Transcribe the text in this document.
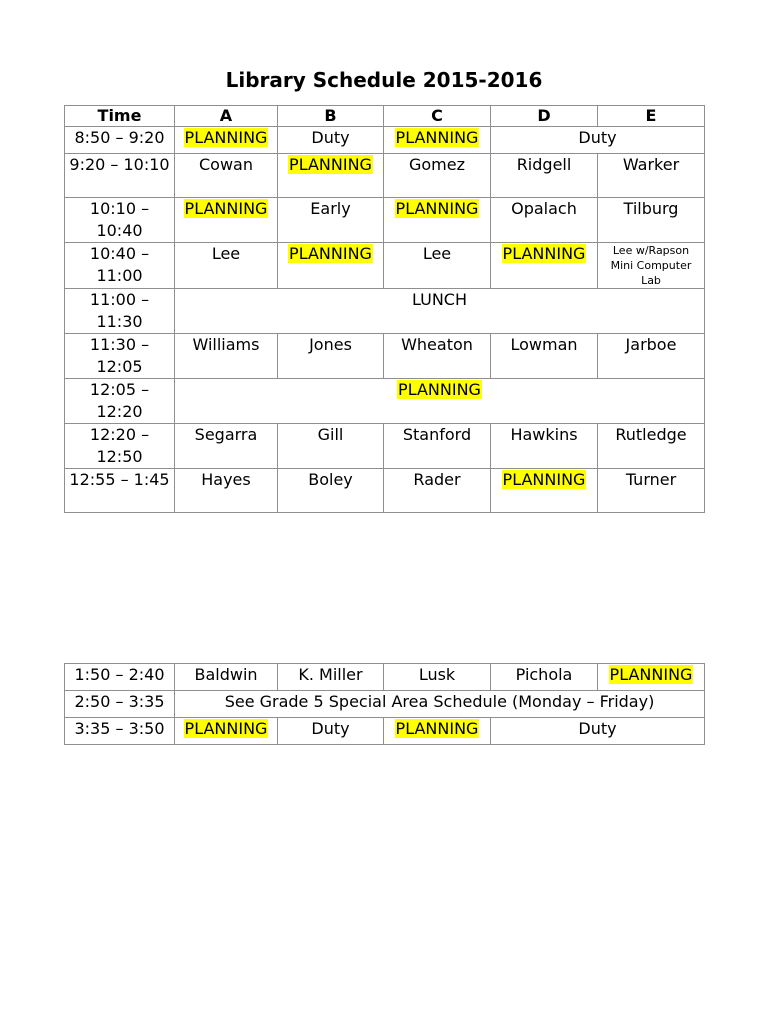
Library Schedule 2015-2016
Time	A	B	C	D	E
8:50 – 9:20	PLANNING	Duty	PLANNING	Duty	
9:20 – 10:10	Cowan	PLANNING	Gomez	Ridgell	Warker
10:10 – 10:40	PLANNING	Early	PLANNING	Opalach	Tilburg
10:40 – 11:00	Lee	PLANNING	Lee	PLANNING	Lee w/Rapson Mini Computer Lab
11:00 – 11:30	LUNCH				
11:30 – 12:05	Williams	Jones	Wheaton	Lowman	Jarboe
12:05 – 12:20	PLANNING				
12:20 – 12:50	Segarra	Gill	Stanford	Hawkins	Rutledge
12:55 – 1:45	Hayes	Boley	Rader	PLANNING	Turner
1:50 – 2:40	Baldwin	K. Miller	Lusk	Pichola	PLANNING
2:50 – 3:35	See Grade 5 Special Area Schedule (Monday – Friday)				
3:35 – 3:50	PLANNING	Duty	PLANNING	Duty	
